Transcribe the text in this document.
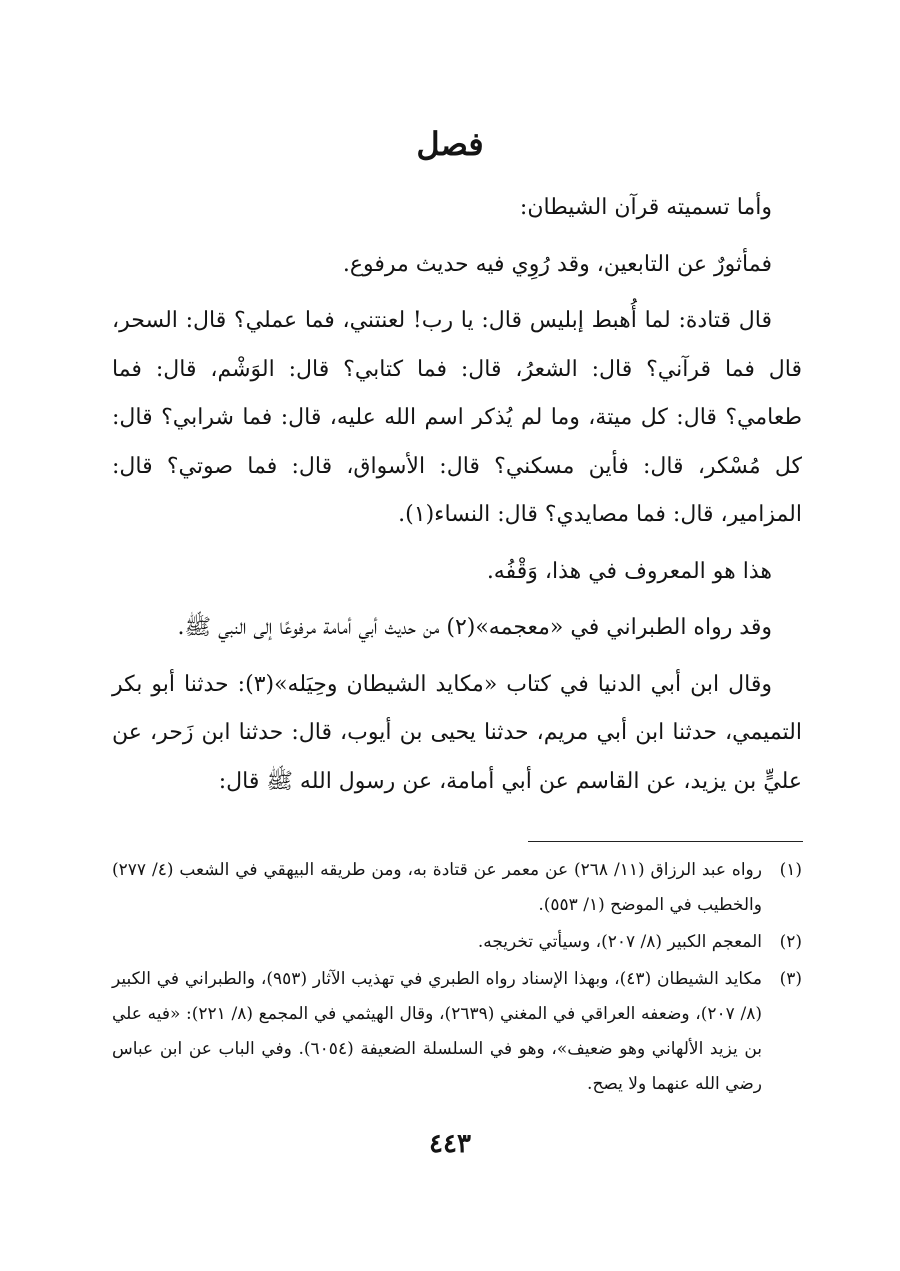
فصل

وأما تسميته قرآن الشيطان:

فمأثورٌ عن التابعين، وقد رُوِي فيه حديث مرفوع.

قال قتادة: لما أُهبط إبليس قال: يا رب! لعنتني، فما عملي؟ قال: السحر، قال فما قرآني؟ قال: الشعرُ، قال: فما كتابي؟ قال: الوَشْم، قال: فما طعامي؟ قال: كل ميتة، وما لم يُذكر اسم الله عليه، قال: فما شرابي؟ قال: كل مُسْكر، قال: فأين مسكني؟ قال: الأسواق، قال: فما صوتي؟ قال: المزامير، قال: فما مصايدي؟ قال: النساء(١).

هذا هو المعروف في هذا، وَقْفُه.

وقد رواه الطبراني في «معجمه»(٢) من حديث أبي أمامة مرفوعًا إلى النبي ﷺ.

وقال ابن أبي الدنيا في كتاب «مكايد الشيطان وحِيَله»(٣): حدثنا أبو بكر التميمي، حدثنا ابن أبي مريم، حدثنا يحيى بن أيوب، قال: حدثنا ابن زَحر، عن عليٍّ بن يزيد، عن القاسم عن أبي أمامة، عن رسول الله ﷺ قال:

(١)
رواه عبد الرزاق (١١/ ٢٦٨) عن معمر عن قتادة به، ومن طريقه البيهقي في الشعب (٤/ ٢٧٧) والخطيب في الموضح (١/ ٥٥٣).
(٢)
المعجم الكبير (٨/ ٢٠٧)، وسيأتي تخريجه.
(٣)
مكايد الشيطان (٤٣)، وبهذا الإسناد رواه الطبري في تهذيب الآثار (٩٥٣)، والطبراني في الكبير (٨/ ٢٠٧)، وضعفه العراقي في المغني (٢٦٣٩)، وقال الهيثمي في المجمع (٨/ ٢٢١): «فيه علي بن يزيد الألهاني وهو ضعيف»، وهو في السلسلة الضعيفة (٦٠٥٤). وفي الباب عن ابن عباس رضي الله عنهما ولا يصح.
٤٤٣
